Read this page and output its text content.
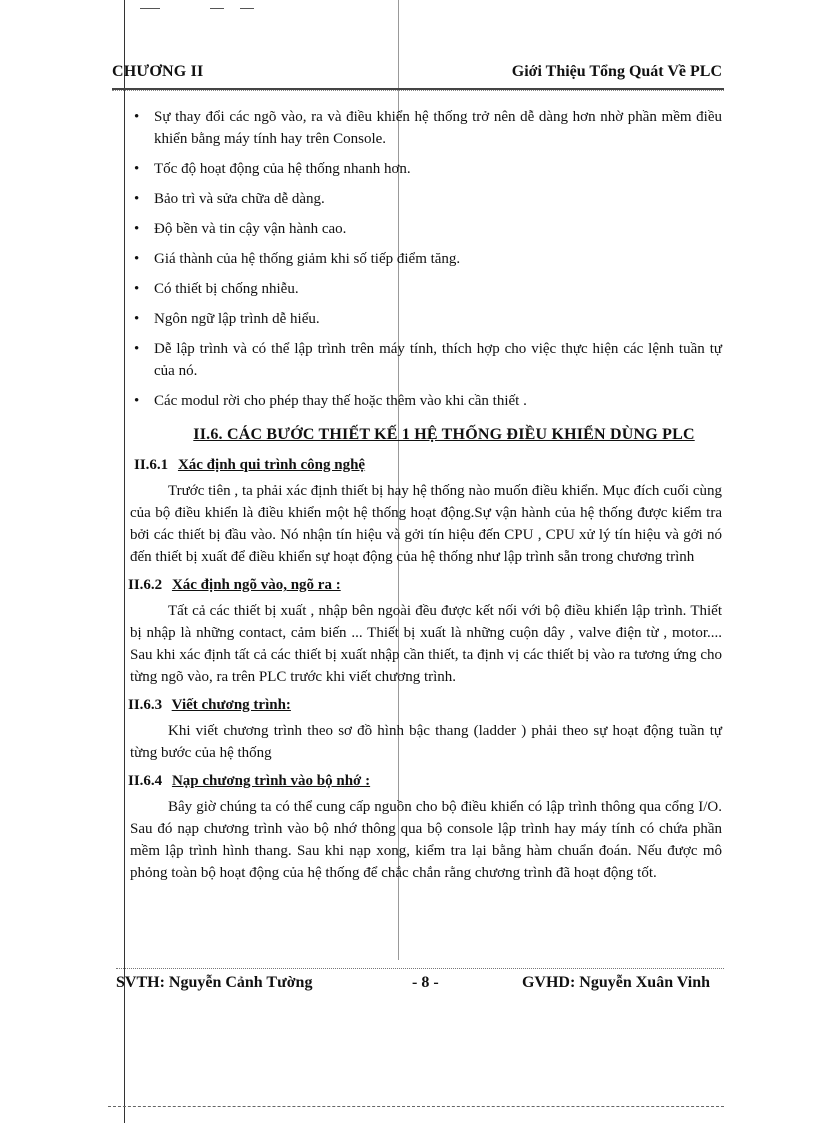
CHƯƠNG II	Giới Thiệu Tổng Quát Về PLC
• Sự thay đổi các ngõ vào, ra và điều khiển hệ thống trở nên dễ dàng hơn nhờ phần mềm điều khiển bằng máy tính hay trên Console.
• Tốc độ hoạt động của hệ thống nhanh hơn.
• Bảo trì và sửa chữa dễ dàng.
• Độ bền và tin cậy vận hành cao.
• Giá thành của hệ thống giảm khi số tiếp điểm tăng.
• Có thiết bị chống nhiễu.
• Ngôn ngữ lập trình dễ hiểu.
• Dễ lập trình và có thể lập trình trên máy tính, thích hợp cho việc thực hiện các lệnh tuần tự của nó.
• Các modul rời cho phép thay thế hoặc thêm vào khi cần thiết .
II.6. CÁC BƯỚC THIẾT KẾ 1 HỆ THỐNG ĐIỀU KHIỂN DÙNG PLC
II.6.1 Xác định qui trình công nghệ

Trước tiên , ta phải xác định thiết bị hay hệ thống nào muốn điều khiển. Mục đích cuối cùng của bộ điều khiển là điều khiển một hệ thống hoạt động.Sự vận hành của hệ thống được kiểm tra bởi các thiết bị đầu vào. Nó nhận tín hiệu và gởi tín hiệu đến CPU , CPU xử lý tín hiệu và gởi nó đến thiết bị xuất để điều khiển sự hoạt động của hệ thống như lập trình sẵn trong chương trình

II.6.2 Xác định ngõ vào, ngõ ra :

Tất cả các thiết bị xuất , nhập bên ngoài đều được kết nối với bộ điều khiển lập trình. Thiết bị nhập là những contact, cảm biến ... Thiết bị xuất là những cuộn dây , valve điện từ , motor.... Sau khi xác định tất cả các thiết bị xuất nhập cần thiết, ta định vị các thiết bị vào ra tương ứng cho từng ngõ vào, ra trên PLC trước khi viết chương trình.

II.6.3 Viết chương trình:

Khi viết chương trình theo sơ đồ hình bậc thang (ladder ) phải theo sự hoạt động tuần tự từng bước của hệ thống

II.6.4 Nạp chương trình vào bộ nhớ :

Bây giờ chúng ta có thể cung cấp nguồn cho bộ điều khiển có lập trình thông qua cổng I/O. Sau đó nạp chương trình vào bộ nhớ thông qua bộ console lập trình hay máy tính có chứa phần mềm lập trình hình thang. Sau khi nạp xong, kiểm tra lại bằng hàm chuẩn đoán. Nếu được mô phỏng toàn bộ hoạt động của hệ thống để chắc chắn rằng chương trình đã hoạt động tốt.

SVTH: Nguyễn Cảnh Tường	- 8 -	GVHD: Nguyễn Xuân Vinh
